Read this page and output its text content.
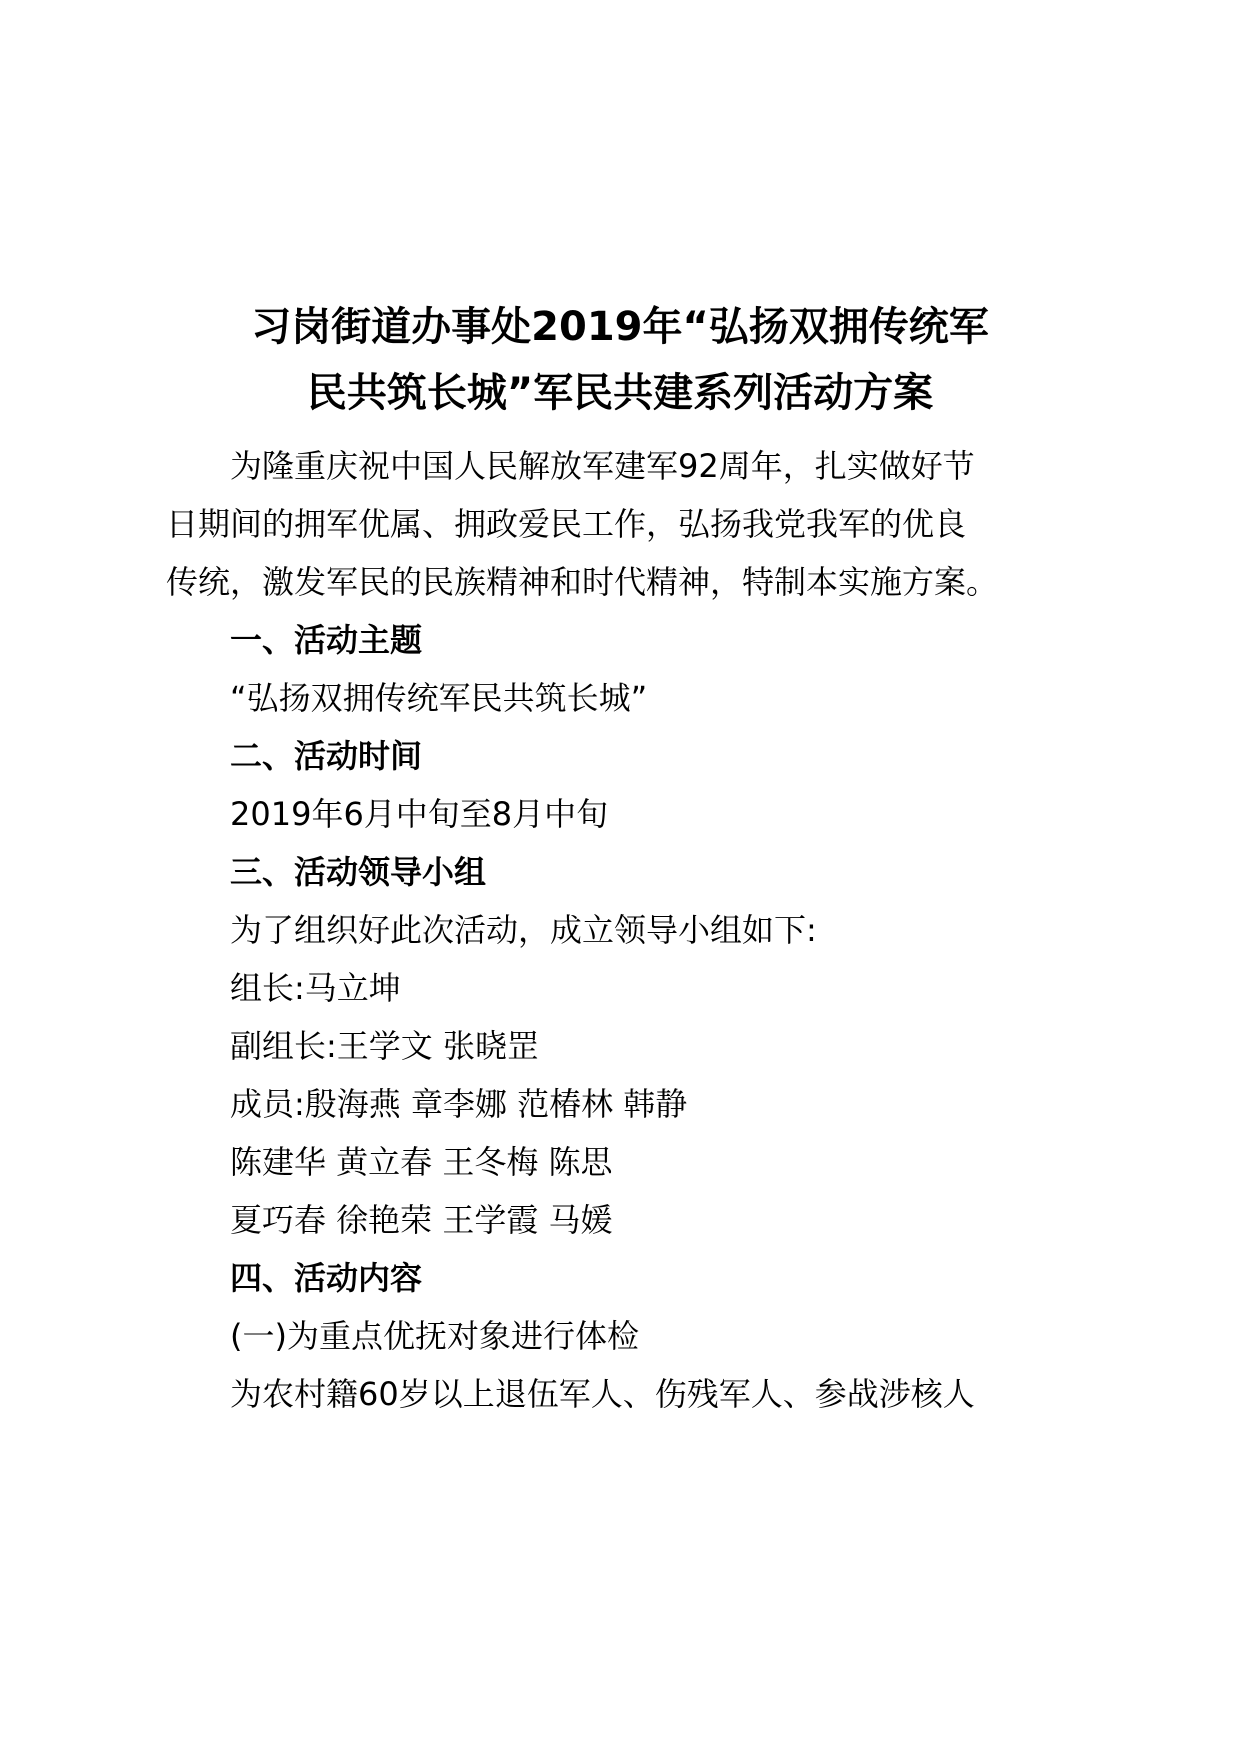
习岗街道办事处2019年“弘扬双拥传统军
民共筑长城”军民共建系列活动方案
为隆重庆祝中国人民解放军建军92周年，扎实做好节
日期间的拥军优属、拥政爱民工作，弘扬我党我军的优良
传统，激发军民的民族精神和时代精神，特制本实施方案。
一、活动主题
“弘扬双拥传统军民共筑长城”
二、活动时间
2019年6月中旬至8月中旬
三、活动领导小组
为了组织好此次活动，成立领导小组如下:
组长:马立坤
副组长:王学文 张晓罡
成员:殷海燕 章李娜 范椿林 韩静
陈建华 黄立春 王冬梅 陈思
夏巧春 徐艳荣 王学霞 马媛
四、活动内容
(一)为重点优抚对象进行体检
为农村籍60岁以上退伍军人、伤残军人、参战涉核人
